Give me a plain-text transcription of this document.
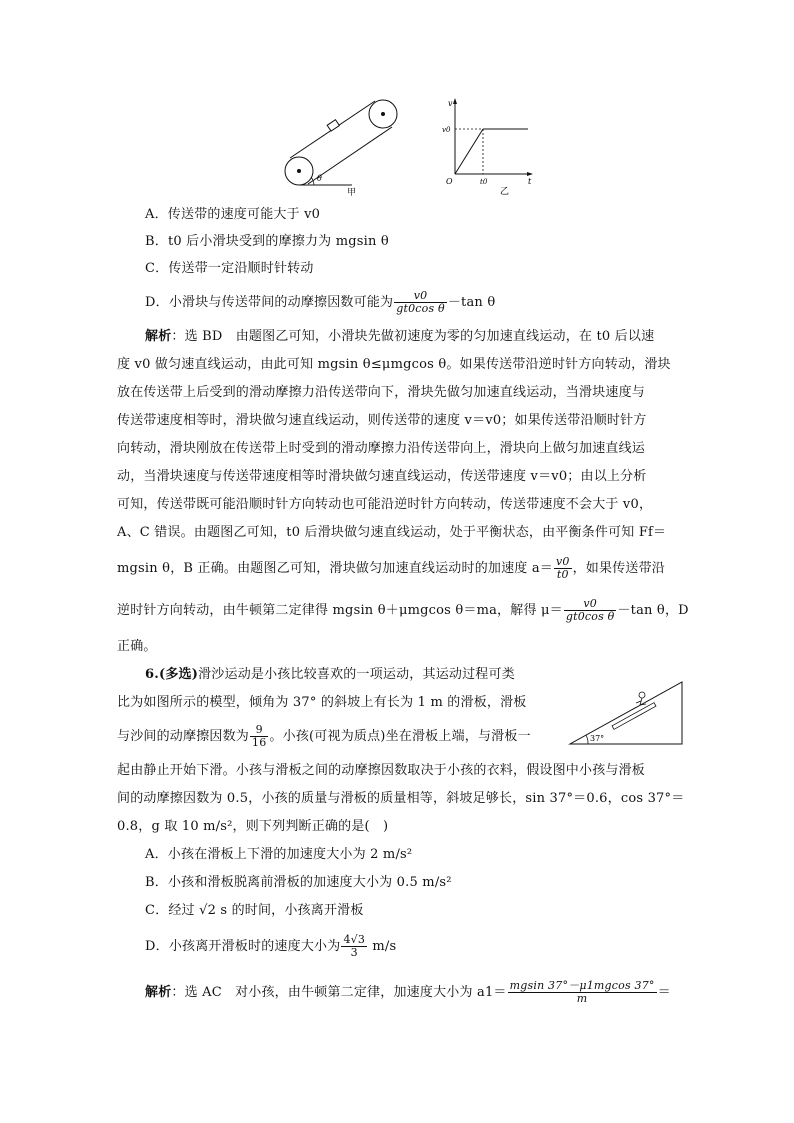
θ
甲
v
v0
O	t0	t
乙
A．传送带的速度可能大于 v0
B．t0 后小滑块受到的摩擦力为 mgsin θ
C．传送带一定沿顺时针转动
D．小滑块与传送带间的动摩擦因数可能为 $\frac{v0}{\text{gt0cos θ}} -\tan$ θ
解析：选 BD　由题图乙可知，小滑块先做初速度为零的匀加速直线运动，在 t0 后以速
度 v0 做匀速直线运动，由此可知 mgsin θ≤μmgcos θ。如果传送带沿逆时针方向转动，滑块
放在传送带上后受到的滑动摩擦力沿传送带向下，滑块先做匀加速直线运动，当滑块速度与
传送带速度相等时，滑块做匀速直线运动，则传送带的速度 v＝v0；如果传送带沿顺时针方
向转动，滑块刚放在传送带上时受到的滑动摩擦力沿传送带向上，滑块向上做匀加速直线运
动，当滑块速度与传送带速度相等时滑块做匀速直线运动，传送带速度 v＝v0；由以上分析
可知，传送带既可能沿顺时针方向转动也可能沿逆时针方向转动，传送带速度不会大于 v0，
A、C 错误。由题图乙可知，t0 后滑块做匀速直线运动，处于平衡状态，由平衡条件可知 Ff＝
mgsin θ，B 正确。由题图乙可知，滑块做匀加速直线运动时的加速度 $a= \frac{v0}{t0}$ ，如果传送带沿
逆时针方向转动，由牛顿第二定律得 mgsin θ＋μmgcos θ＝ma，解得 $\mu= \frac{v0}{\text{gt0cos θ}} -\tan$ θ，D
正确。
6.(多选)滑沙运动是小孩比较喜欢的一项运动，其运动过程可类
比为如图所示的模型，倾角为 37° 的斜坡上有长为 1 m 的滑板，滑板
与沙间的动摩擦因数为 $\frac{9}{16}$ 。小孩(可视为质点)坐在滑板上端，与滑板一	37°
起由静止开始下滑。小孩与滑板之间的动摩擦因数取决于小孩的衣料，假设图中小孩与滑板
间的动摩擦因数为 0.5，小孩的质量与滑板的质量相等，斜坡足够长，sin 37°＝0.6，cos 37°＝
0.8，g 取 10 m/s²，则下列判断正确的是(　)
A．小孩在滑板上下滑的加速度大小为 2 m/s²
B．小孩和滑板脱离前滑板的加速度大小为 0.5 m/s²
C．经过 √2 s 的时间，小孩离开滑板
D．小孩离开滑板时的速度大小为 $\frac{4√3}{3} m/s$
解析：选 AC　对小孩，由牛顿第二定律，加速度大小为 $a1= \frac{mgsin 37^\circ-\mu 1mgcos 37^\circ}{m}$ ＝
